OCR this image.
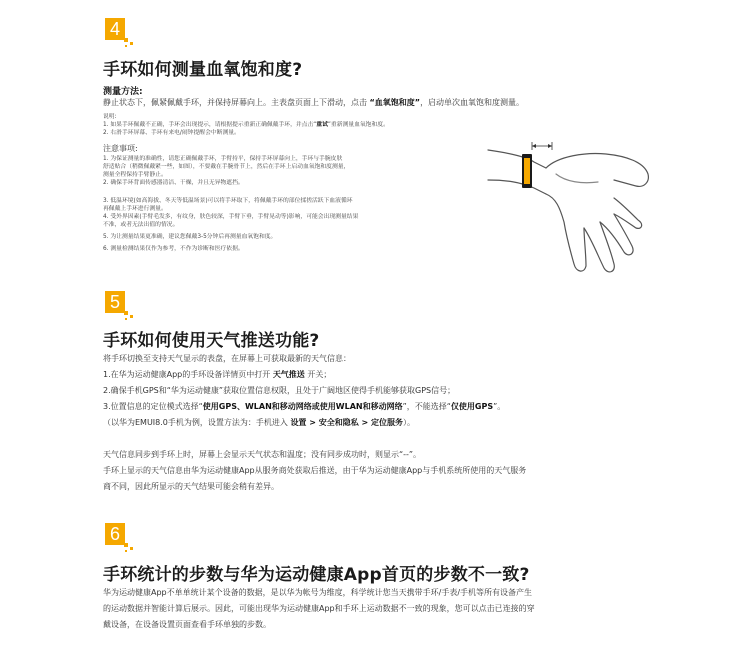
4
手环如何测量血氧饱和度?
测量方法:
静止状态下，佩紧佩戴手环，并保持屏幕向上。主表盘页面上下滑动，点击 “血氧饱和度”，启动单次血氧饱和度测量。
说明:
1. 如果手环佩戴不正确，手环会出现提示，请根据提示重新正确佩戴手环，并点击“重试”重新测量血氧饱和度。
2. 右滑手环屏幕、手环有来电/闹钟提醒会中断测量。
注意事项:
1. 为保证测量的准确性，请您正确佩戴手环，手臂持平，保持手环屏幕向上，手环与手腕皮肤
舒适贴合（稍微佩戴紧一些，如图），不要戴在手腕骨节上，然后在手环上启动血氧饱和度测量，
测量全程保持手臂静止。
2. 确保手环背面传感器清洁、干燥，并且无异物遮挡。
3. 低温环境(如高海拔、冬天等低温场景)可以将手环取下，将佩戴手环的部位揉搓活跃下血液循环
再佩戴上手环进行测量。
4. 受外界因素(手臂毛发多，有纹身，肤色较深，手臂下垂，手臂晃动等)影响，可能会出现测量结果
不准，或者无法出值的情况。
5. 为让测量结果更准确，建议您佩戴3-5分钟后再测量血氧饱和度。
6. 测量检测结果仅作为参考，不作为诊断和医疗依据。
5
手环如何使用天气推送功能?
将手环切换至支持天气显示的表盘，在屏幕上可获取最新的天气信息：
1.在华为运动健康App的手环设备详情页中打开 天气推送 开关；
2.确保手机GPS和“华为运动健康”获取位置信息权限，且处于广阔地区使得手机能够获取GPS信号；
3.位置信息的定位模式选择“使用GPS、WLAN和移动网络或使用WLAN和移动网络”，不能选择“仅使用GPS”。
（以华为EMUI8.0手机为例，设置方法为：手机进入 设置 > 安全和隐私 > 定位服务）。
天气信息同步到手环上时，屏幕上会显示天气状态和温度；没有同步成功时，则显示“--”。
手环上显示的天气信息由华为运动健康App从服务商处获取后推送，由于华为运动健康App与手机系统所使用的天气服务
商不同，因此所显示的天气结果可能会稍有差异。
6
手环统计的步数与华为运动健康App首页的步数不一致?
华为运动健康App不单单统计某个设备的数据，是以华为帐号为维度，科学统计您当天携带手环/手表/手机等所有设备产生
的运动数据并智能计算后展示。因此，可能出现华为运动健康App和手环上运动数据不一致的现象，您可以点击已连接的穿
戴设备，在设备设置页面查看手环单独的步数。
